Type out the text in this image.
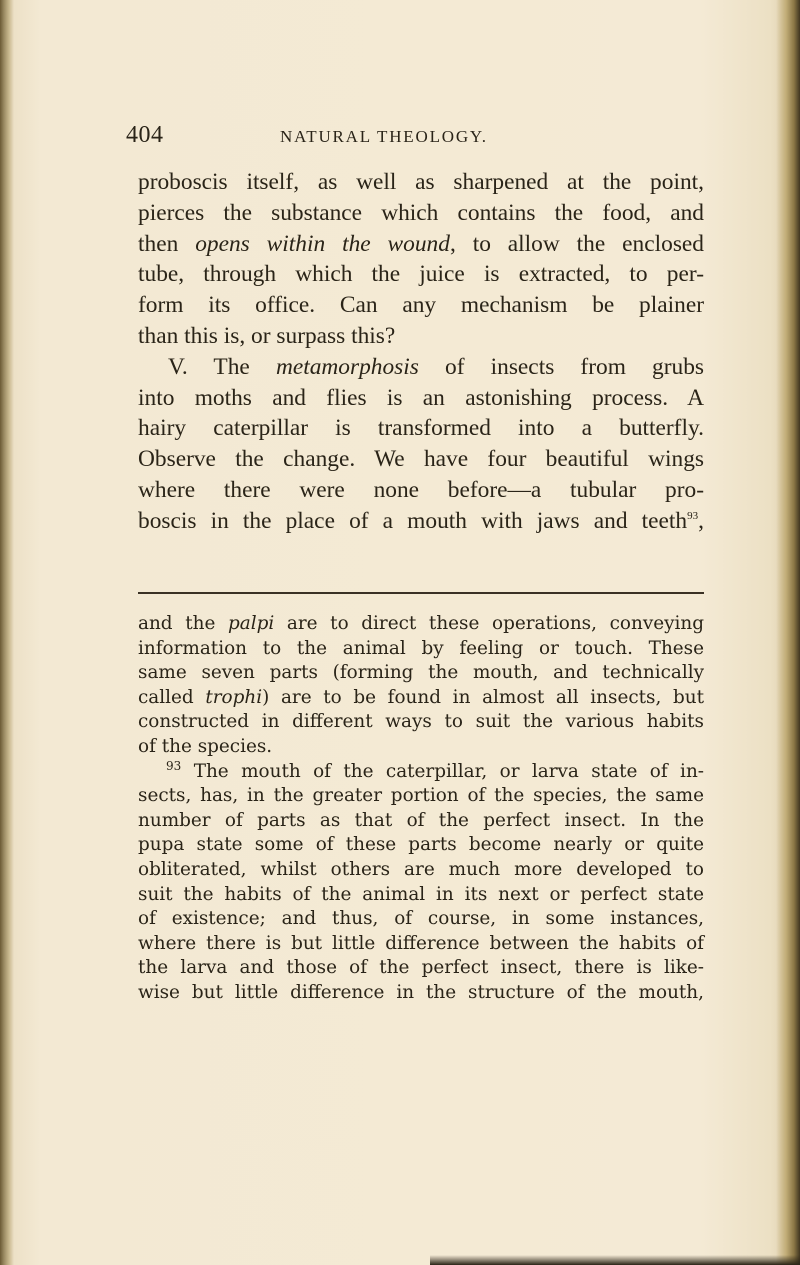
404	NATURAL THEOLOGY.
proboscis itself, as well as sharpened at the point,
pierces the substance which contains the food, and
then opens within the wound, to allow the enclosed
tube, through which the juice is extracted, to per-
form its office. Can any mechanism be plainer
than this is, or surpass this?
V. The metamorphosis of insects from grubs
into moths and flies is an astonishing process. A
hairy caterpillar is transformed into a butterfly.
Observe the change. We have four beautiful wings
where there were none before—a tubular pro-
boscis in the place of a mouth with jaws and teeth$^{93}$,
and the palpi are to direct these operations, conveying
information to the animal by feeling or touch. These
same seven parts (forming the mouth, and technically
called trophi) are to be found in almost all insects, but
constructed in different ways to suit the various habits
of the species.
$^{93}$ The mouth of the caterpillar, or larva state of in-
sects, has, in the greater portion of the species, the same
number of parts as that of the perfect insect. In the
pupa state some of these parts become nearly or quite
obliterated, whilst others are much more developed to
suit the habits of the animal in its next or perfect state
of existence; and thus, of course, in some instances,
where there is but little difference between the habits of
the larva and those of the perfect insect, there is like-
wise but little difference in the structure of the mouth,
